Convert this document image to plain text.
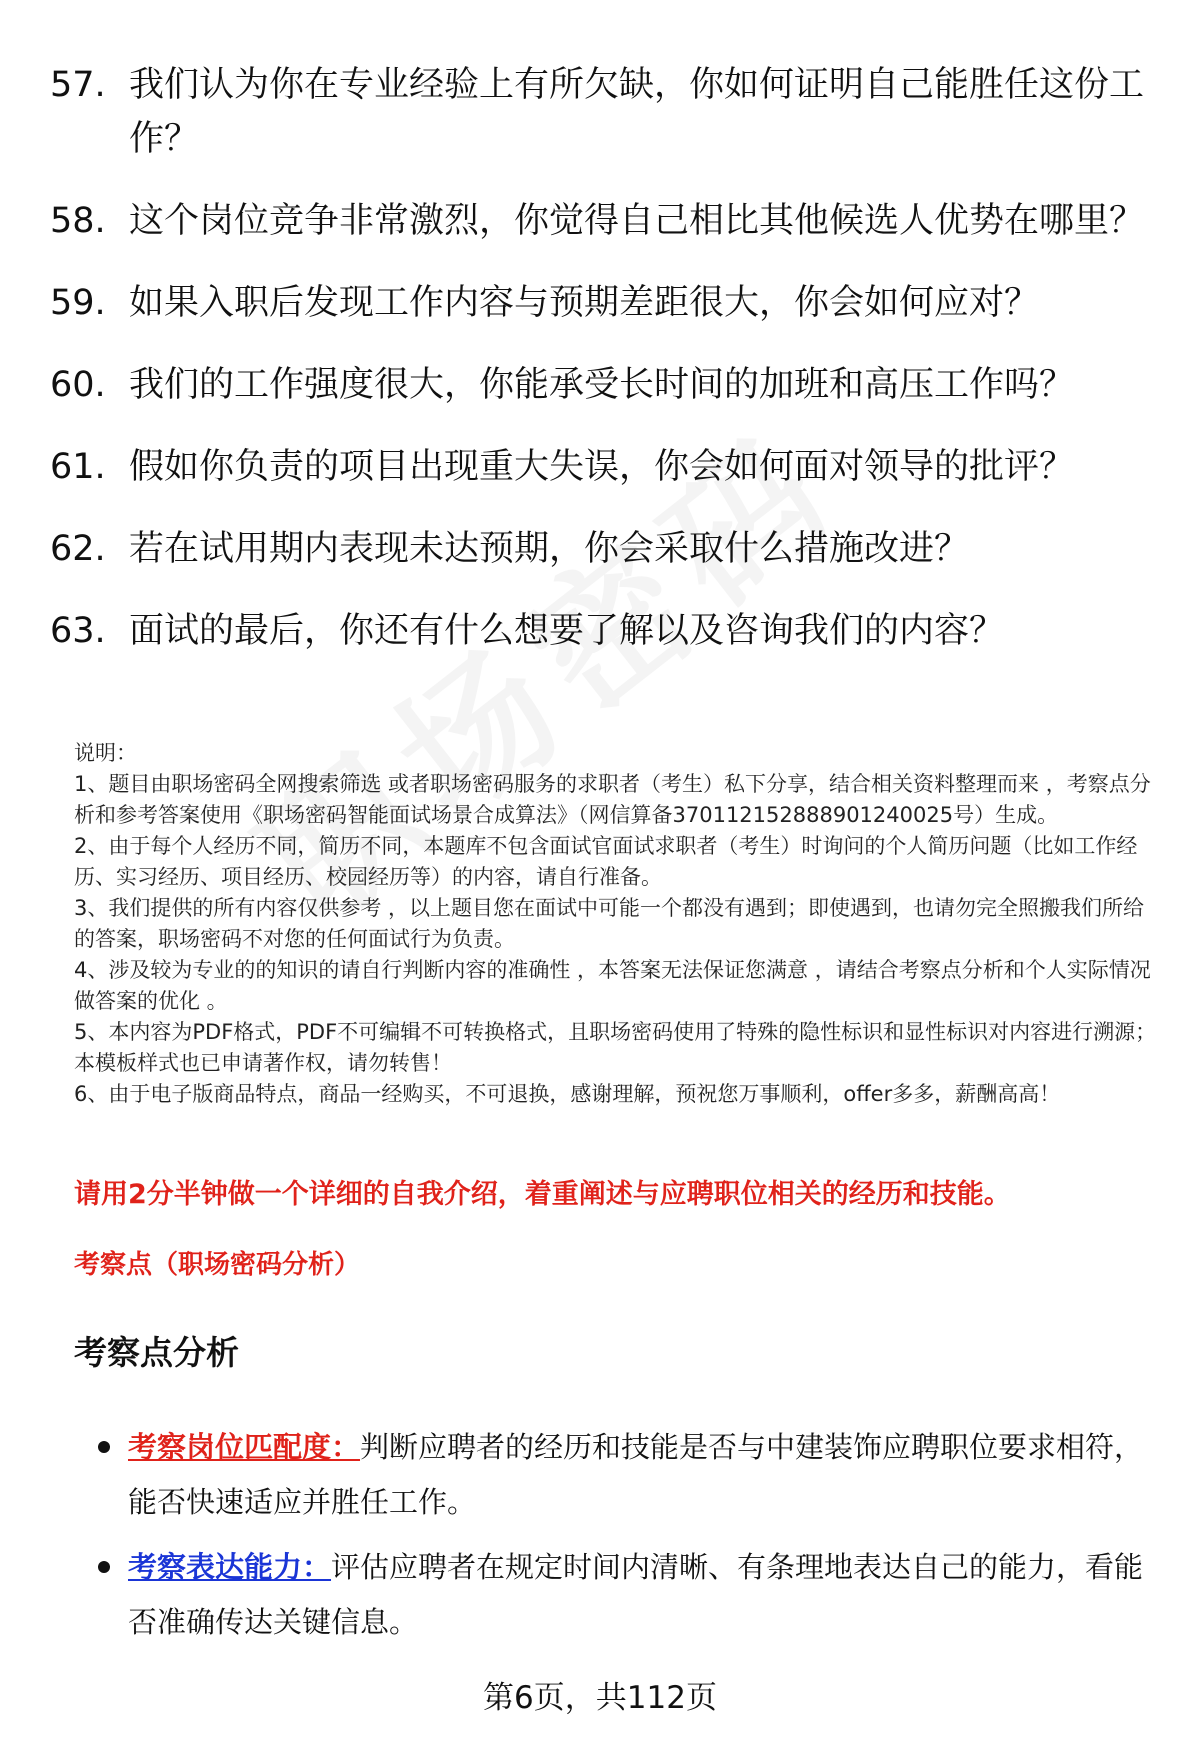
57. 我们认为你在专业经验上有所欠缺，你如何证明自己能胜任这份工作？
58. 这个岗位竞争非常激烈，你觉得自己相比其他候选人优势在哪里？
59. 如果入职后发现工作内容与预期差距很大，你会如何应对？
60. 我们的工作强度很大，你能承受长时间的加班和高压工作吗？
61. 假如你负责的项目出现重大失误，你会如何面对领导的批评？
62. 若在试用期内表现未达预期，你会采取什么措施改进？
63. 面试的最后，你还有什么想要了解以及咨询我们的内容？

说明：

1、题目由职场密码全网搜索筛选 或者职场密码服务的求职者（考生）私下分享，结合相关资料整理而来 ，考察点分析和参考答案使用《职场密码智能面试场景合成算法》（网信算备370112152888901240025号）生成。

2、由于每个人经历不同，简历不同，本题库不包含面试官面试求职者（考生）时询问的个人简历问题（比如工作经历、实习经历、项目经历、校园经历等）的内容，请自行准备。

3、我们提供的所有内容仅供参考 ，以上题目您在面试中可能一个都没有遇到；即使遇到，也请勿完全照搬我们所给的答案，职场密码不对您的任何面试行为负责。

4、涉及较为专业的的知识的请自行判断内容的准确性 ，本答案无法保证您满意 ，请结合考察点分析和个人实际情况做答案的优化 。

5、本内容为PDF格式，PDF不可编辑不可转换格式，且职场密码使用了特殊的隐性标识和显性标识对内容进行溯源；本模板样式也已申请著作权，请勿转售！

6、由于电子版商品特点，商品一经购买，不可退换，感谢理解，预祝您万事顺利，offer多多，薪酬高高！

请用2分半钟做一个详细的自我介绍，着重阐述与应聘职位相关的经历和技能。
考察点（职场密码分析）
考察点分析
考察岗位匹配度：判断应聘者的经历和技能是否与中建装饰应聘职位要求相符，能否快速适应并胜任工作。
考察表达能力：评估应聘者在规定时间内清晰、有条理地表达自己的能力，看能否准确传达关键信息。
第6页，共112页
